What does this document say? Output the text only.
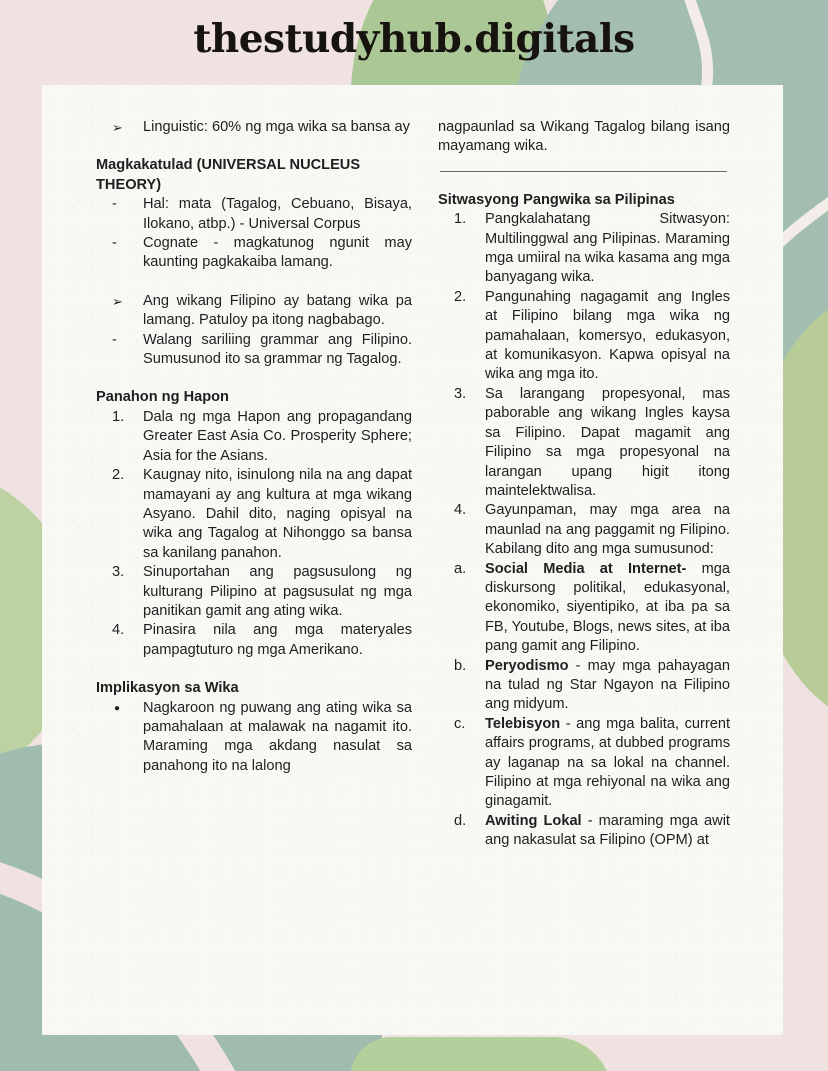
thestudyhub.digitals
➢	Linguistic: 60% ng mga wika sa bansa ay
Magkakatulad (UNIVERSAL NUCLEUS THEORY)
-	Hal: mata (Tagalog, Cebuano, Bisaya, Ilokano, atbp.) - Universal Corpus
-	Cognate - magkatunog ngunit may kaunting pagkakaiba lamang.
➢	Ang wikang Filipino ay batang wika pa lamang. Patuloy pa itong nagbabago.
-	Walang sariliing grammar ang Filipino. Sumusunod ito sa grammar ng Tagalog.
Panahon ng Hapon
1.	Dala ng mga Hapon ang propagandang Greater East Asia Co. Prosperity Sphere; Asia for the Asians.
2.	Kaugnay nito, isinulong nila na ang dapat mamayani ay ang kultura at mga wikang Asyano. Dahil dito, naging opisyal na wika ang Tagalog at Nihonggo sa bansa sa kanilang panahon.
3.	Sinuportahan ang pagsusulong ng kulturang Pilipino at pagsusulat ng mga panitikan gamit ang ating wika.
4.	Pinasira nila ang mga materyales pampagtuturo ng mga Amerikano.
Implikasyon sa Wika
●	Nagkaroon ng puwang ang ating wika sa pamahalaan at malawak na nagamit ito. Maraming mga akdang nasulat sa panahong ito na lalong
nagpaunlad sa Wikang Tagalog bilang isang mayamang wika.
Sitwasyong Pangwika sa Pilipinas
1.	Pangkalahatang Sitwasyon: Multilinggwal ang Pilipinas. Maraming mga umiiral na wika kasama ang mga banyagang wika.
2.	Pangunahing nagagamit ang Ingles at Filipino bilang mga wika ng pamahalaan, komersyo, edukasyon, at komunikasyon. Kapwa opisyal na wika ang mga ito.
3.	Sa larangang propesyonal, mas paborable ang wikang Ingles kaysa sa Filipino. Dapat magamit ang Filipino sa mga propesyonal na larangan upang higit itong maintelektwalisa.
4.	Gayunpaman, may mga area na maunlad na ang paggamit ng Filipino. Kabilang dito ang mga sumusunod:
a.	Social Media at Internet- mga diskursong politikal, edukasyonal, ekonomiko, siyentipiko, at iba pa sa FB, Youtube, Blogs, news sites, at iba pang gamit ang Filipino.
b.	Peryodismo - may mga pahayagan na tulad ng Star Ngayon na Filipino ang midyum.
c.	Telebisyon - ang mga balita, current affairs programs, at dubbed programs ay laganap na sa lokal na channel. Filipino at mga rehiyonal na wika ang ginagamit.
d.	Awiting Lokal - maraming mga awit ang nakasulat sa Filipino (OPM) at
